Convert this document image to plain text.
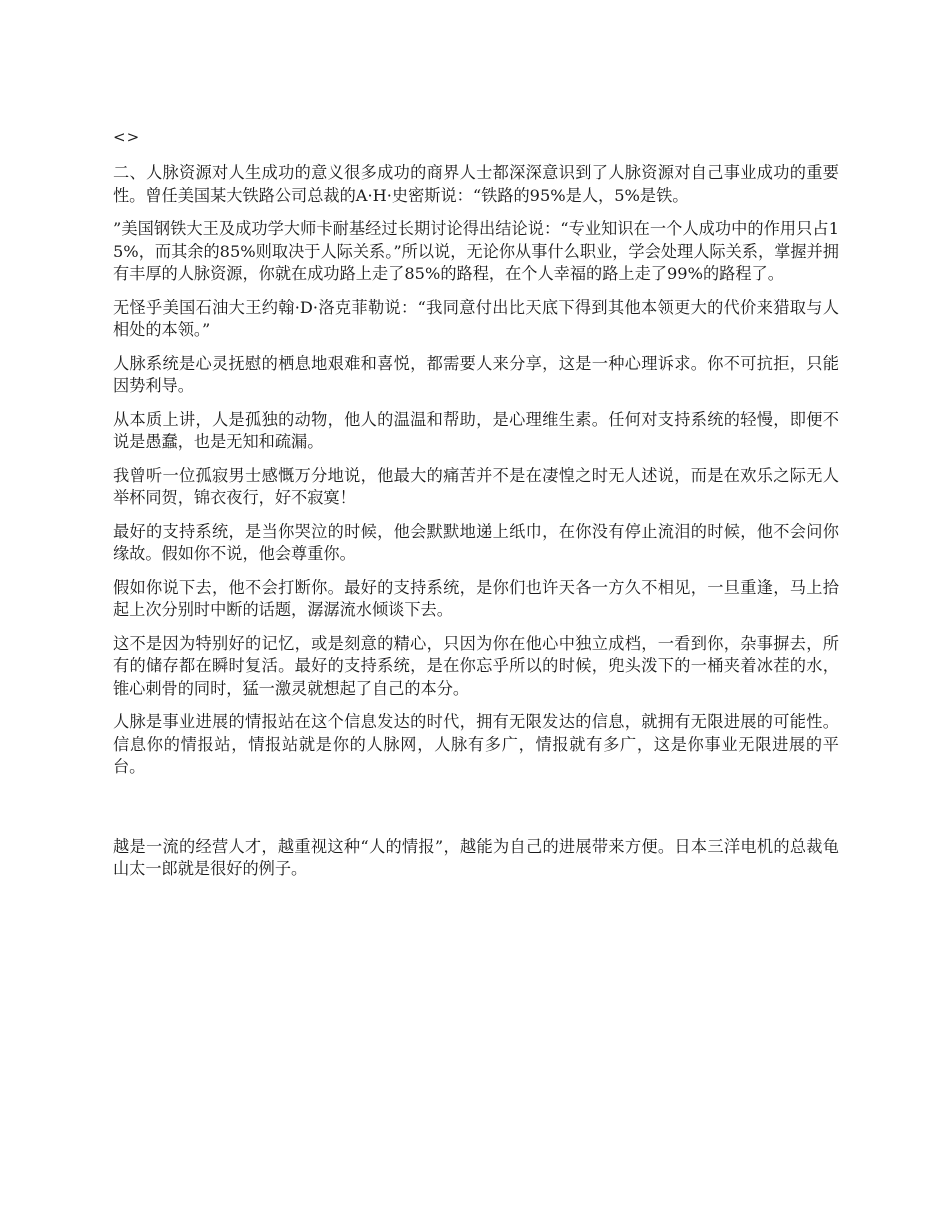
<>

二、人脉资源对人生成功的意义很多成功的商界人士都深深意识到了人脉资源对自己事业成功的重要性。曾任美国某大铁路公司总裁的A·H·史密斯说：“铁路的95%是人，5%是铁。

”美国钢铁大王及成功学大师卡耐基经过长期讨论得出结论说：“专业知识在一个人成功中的作用只占15%，而其余的85%则取决于人际关系。”所以说，无论你从事什么职业，学会处理人际关系，掌握并拥有丰厚的人脉资源，你就在成功路上走了85%的路程，在个人幸福的路上走了99%的路程了。

无怪乎美国石油大王约翰·D·洛克菲勒说：“我同意付出比天底下得到其他本领更大的代价来猎取与人相处的本领。”

人脉系统是心灵抚慰的栖息地艰难和喜悦，都需要人来分享，这是一种心理诉求。你不可抗拒，只能因势利导。

从本质上讲，人是孤独的动物，他人的温温和帮助，是心理维生素。任何对支持系统的轻慢，即便不说是愚蠢，也是无知和疏漏。

我曾听一位孤寂男士感慨万分地说，他最大的痛苦并不是在凄惶之时无人述说，而是在欢乐之际无人举杯同贺，锦衣夜行，好不寂寞！

最好的支持系统，是当你哭泣的时候，他会默默地递上纸巾，在你没有停止流泪的时候，他不会问你缘故。假如你不说，他会尊重你。

假如你说下去，他不会打断你。最好的支持系统，是你们也许天各一方久不相见，一旦重逢，马上拾起上次分别时中断的话题，潺潺流水倾谈下去。

这不是因为特别好的记忆，或是刻意的精心，只因为你在他心中独立成档，一看到你，杂事摒去，所有的储存都在瞬时复活。最好的支持系统，是在你忘乎所以的时候，兜头泼下的一桶夹着冰茬的水，锥心刺骨的同时，猛一激灵就想起了自己的本分。

人脉是事业进展的情报站在这个信息发达的时代，拥有无限发达的信息，就拥有无限进展的可能性。信息你的情报站，情报站就是你的人脉网，人脉有多广，情报就有多广，这是你事业无限进展的平台。

越是一流的经营人才，越重视这种“人的情报”，越能为自己的进展带来方便。日本三洋电机的总裁龟山太一郎就是很好的例子。
